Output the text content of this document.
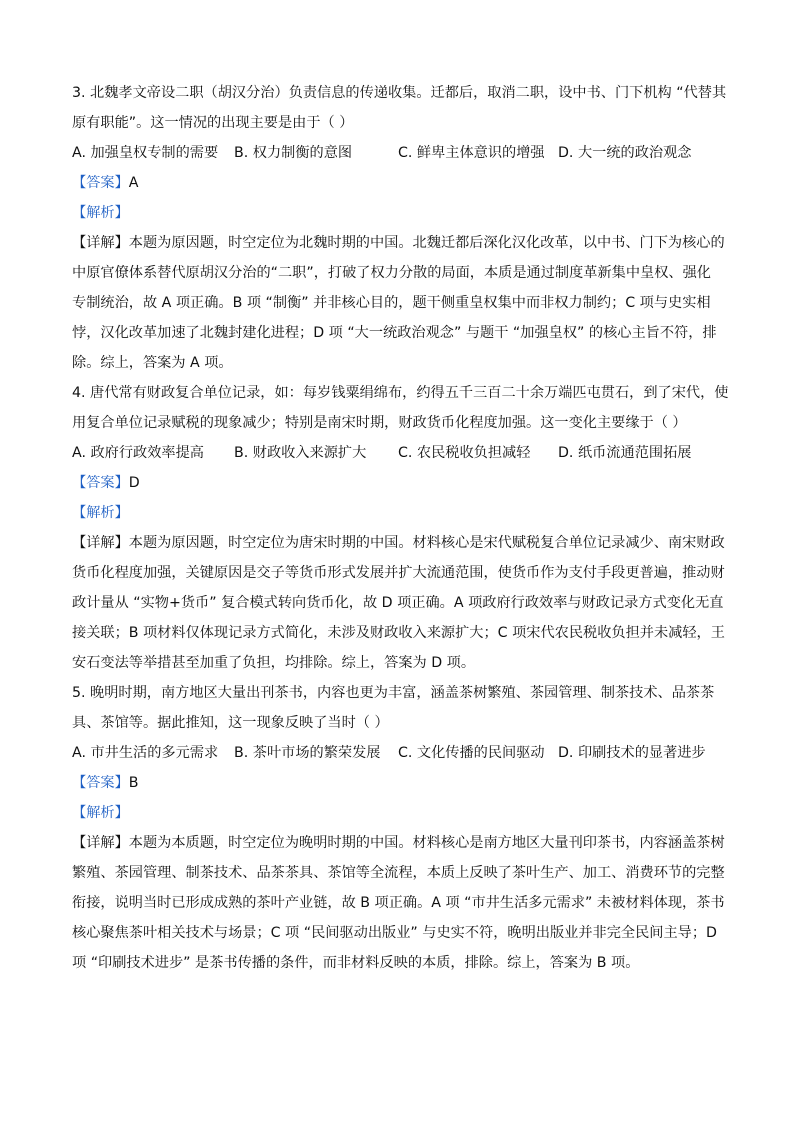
3. 北魏孝文帝设二职（胡汉分治）负责信息的传递收集。迁都后，取消二职，设中书、门下机构 “代替其
原有职能”。这一情况的出现主要是由于（ ）
A. 加强皇权专制的需要	B. 权力制衡的意图	C. 鲜卑主体意识的增强 D. 大一统的政治观念
【答案】A
【解析】
【详解】本题为原因题，时空定位为北魏时期的中国。北魏迁都后深化汉化改革，以中书、门下为核心的
中原官僚体系替代原胡汉分治的“二职”，打破了权力分散的局面，本质是通过制度革新集中皇权、强化
专制统治，故 A 项正确。B 项 “制衡” 并非核心目的，题干侧重皇权集中而非权力制约；C 项与史实相
悖，汉化改革加速了北魏封建化进程；D 项 “大一统政治观念” 与题干 “加强皇权” 的核心主旨不符，排
除。综上，答案为 A 项。
4. 唐代常有财政复合单位记录，如：每岁钱粟绢绵布，约得五千三百二十余万端匹屯贯石，到了宋代，使
用复合单位记录赋税的现象减少；特别是南宋时期，财政货币化程度加强。这一变化主要缘于（ ）
A. 政府行政效率提高	B. 财政收入来源扩大	C. 农民税收负担减轻	D. 纸币流通范围拓展
【答案】D
【解析】
【详解】本题为原因题，时空定位为唐宋时期的中国。材料核心是宋代赋税复合单位记录减少、南宋财政
货币化程度加强，关键原因是交子等货币形式发展并扩大流通范围，使货币作为支付手段更普遍，推动财
政计量从 “实物+货币” 复合模式转向货币化，故 D 项正确。A 项政府行政效率与财政记录方式变化无直
接关联；B 项材料仅体现记录方式简化，未涉及财政收入来源扩大；C 项宋代农民税收负担并未减轻，王
安石变法等举措甚至加重了负担，均排除。综上，答案为 D 项。
5. 晚明时期，南方地区大量出刊茶书，内容也更为丰富，涵盖茶树繁殖、茶园管理、制茶技术、品茶茶
具、茶馆等。据此推知，这一现象反映了当时（ ）
A. 市井生活的多元需求	B. 茶叶市场的繁荣发展	C. 文化传播的民间驱动 D. 印刷技术的显著进步
【答案】B
【解析】
【详解】本题为本质题，时空定位为晚明时期的中国。材料核心是南方地区大量刊印茶书，内容涵盖茶树
繁殖、茶园管理、制茶技术、品茶茶具、茶馆等全流程，本质上反映了茶叶生产、加工、消费环节的完整
衔接，说明当时已形成成熟的茶叶产业链，故 B 项正确。A 项 “市井生活多元需求” 未被材料体现，茶书
核心聚焦茶叶相关技术与场景；C 项 “民间驱动出版业” 与史实不符，晚明出版业并非完全民间主导；D
项 “印刷技术进步” 是茶书传播的条件，而非材料反映的本质，排除。综上，答案为 B 项。
